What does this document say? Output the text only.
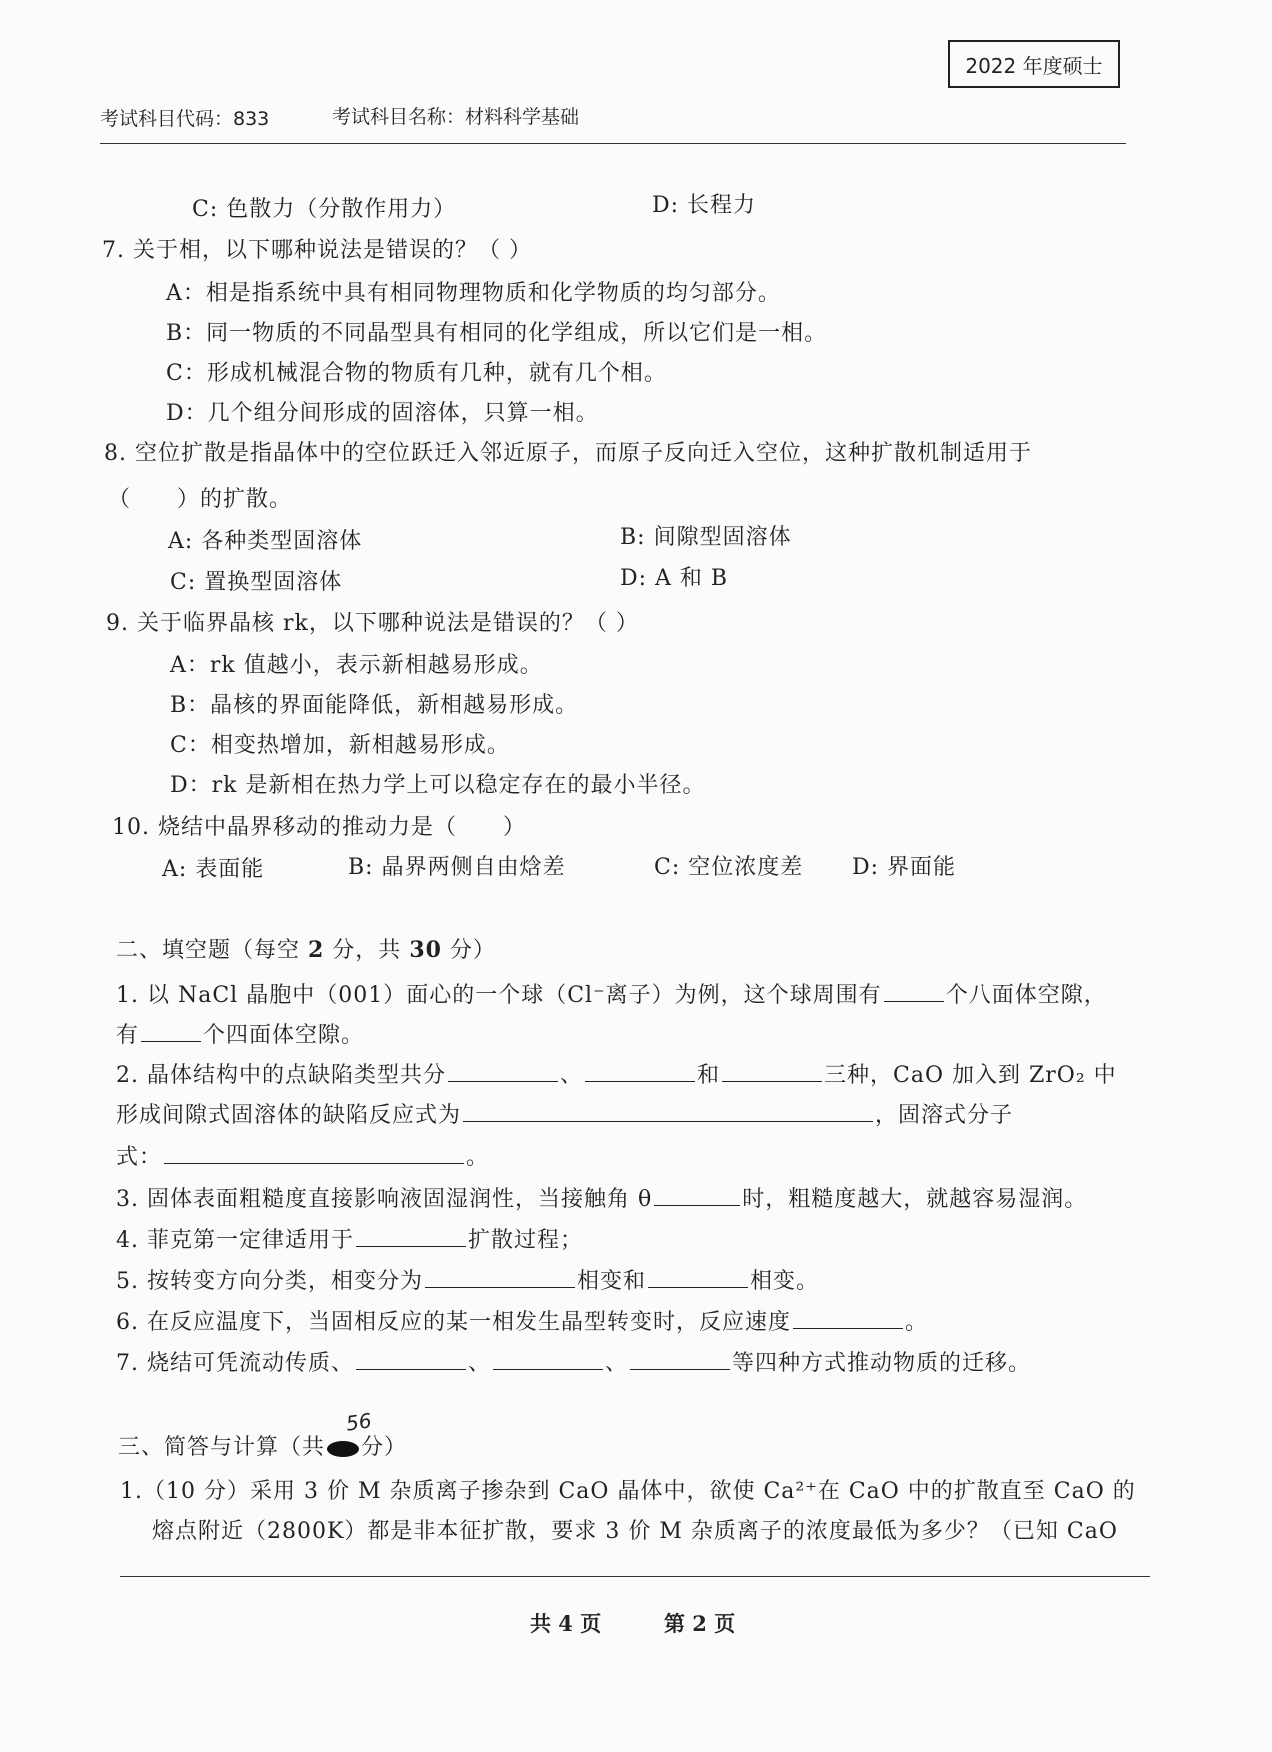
2022 年度硕士
考试科目代码：833	考试科目名称：材料科学基础
C: 色散力（分散作用力）	D: 长程力
7. 关于相，以下哪种说法是错误的？（ ）
A：相是指系统中具有相同物理物质和化学物质的均匀部分。
B：同一物质的不同晶型具有相同的化学组成，所以它们是一相。
C：形成机械混合物的物质有几种，就有几个相。
D：几个组分间形成的固溶体，只算一相。
8. 空位扩散是指晶体中的空位跃迁入邻近原子，而原子反向迁入空位，这种扩散机制适用于
（　　）的扩散。
A: 各种类型固溶体	B: 间隙型固溶体
C: 置换型固溶体	D: A 和 B
9. 关于临界晶核 rk，以下哪种说法是错误的？（ ）
A：rk 值越小，表示新相越易形成。
B：晶核的界面能降低，新相越易形成。
C：相变热增加，新相越易形成。
D：rk 是新相在热力学上可以稳定存在的最小半径。
10. 烧结中晶界移动的推动力是（　　）
A: 表面能	B: 晶界两侧自由焓差	C: 空位浓度差 D: 界面能
二、填空题（每空 2 分，共 30 分）
1. 以 NaCl 晶胞中（001）面心的一个球（Cl⁻离子）为例，这个球周围有	个八面体空隙，
有	个四面体空隙。
2. 晶体结构中的点缺陷类型共分	、	和	三种，CaO 加入到 ZrO₂ 中
形成间隙式固溶体的缺陷反应式为	，固溶式分子
式：	。
3. 固体表面粗糙度直接影响液固湿润性，当接触角 θ	时，粗糙度越大，就越容易湿润。
4. 菲克第一定律适用于	扩散过程；
5. 按转变方向分类，相变分为	相变和	相变。
6. 在反应温度下，当固相反应的某一相发生晶型转变时，反应速度	。
7. 烧结可凭流动传质、	、	、	等四种方式推动物质的迁移。
三、简答与计算（共 分）
56
1.（10 分）采用 3 价 M 杂质离子掺杂到 CaO 晶体中，欲使 Ca²⁺在 CaO 中的扩散直至 CaO 的
熔点附近（2800K）都是非本征扩散，要求 3 价 M 杂质离子的浓度最低为多少？（已知 CaO
共 4 页	第 2 页
